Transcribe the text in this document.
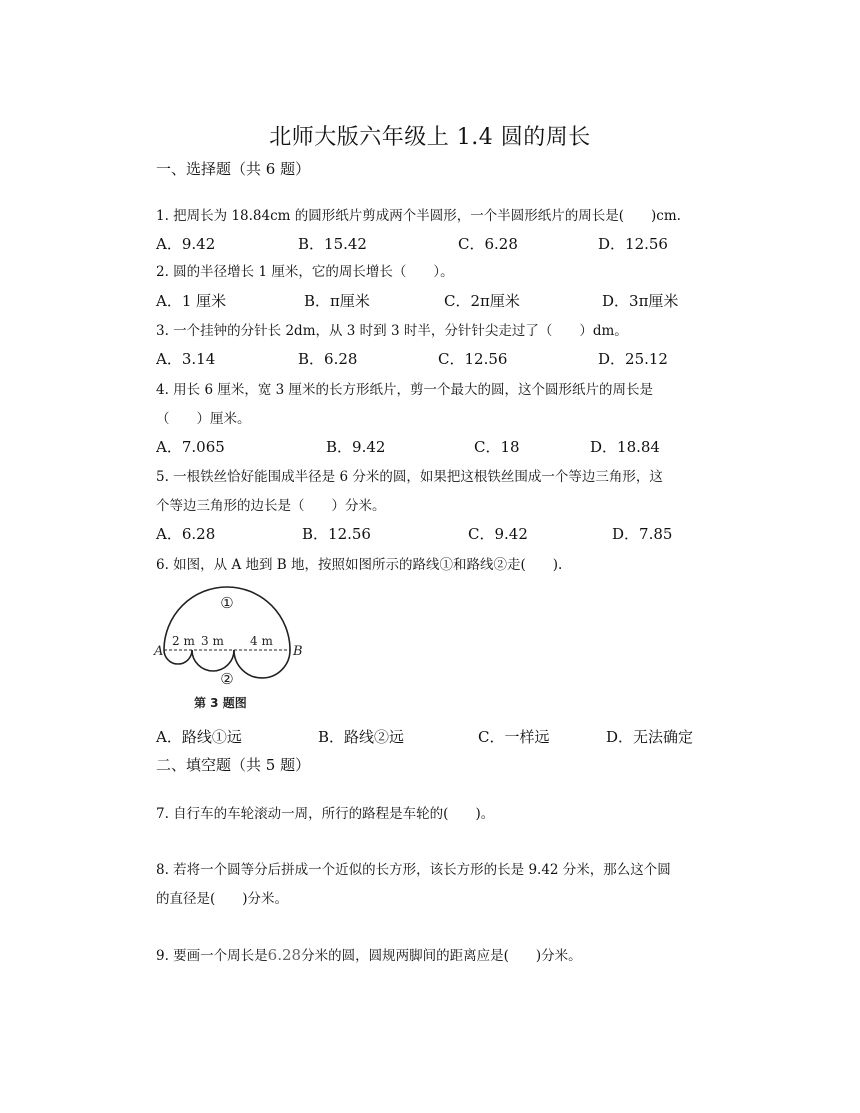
北师大版六年级上 1.4 圆的周长
一、选择题（共 6 题）
1. 把周长为 18.84cm 的圆形纸片剪成两个半圆形，一个半圆形纸片的周长是(　　)cm.
A．9.42	B．15.42	C．6.28	D．12.56
2. 圆的半径增长 1 厘米，它的周长增长（　　）。
A．1 厘米	B．π厘米	C．2π厘米	D．3π厘米
3. 一个挂钟的分针长 2dm，从 3 时到 3 时半，分针针尖走过了（　　）dm。
A．3.14	B．6.28	C．12.56	D．25.12
4. 用长 6 厘米，宽 3 厘米的长方形纸片，剪一个最大的圆，这个圆形纸片的周长是
（　　）厘米。
A．7.065	B．9.42	C．18	D．18.84
5. 一根铁丝恰好能围成半径是 6 分米的圆，如果把这根铁丝围成一个等边三角形，这
个等边三角形的边长是（　　）分米。
A．6.28	B．12.56	C．9.42	D．7.85
6. 如图，从 A 地到 B 地，按照如图所示的路线①和路线②走(　　).
①
A	B
2 m 3 m 4 m
②
第 3 题图
A．路线①远	B．路线②远	C．一样远	D．无法确定
二、填空题（共 5 题）
7. 自行车的车轮滚动一周，所行的路程是车轮的(　　)。
8. 若将一个圆等分后拼成一个近似的长方形，该长方形的长是 9.42 分米，那么这个圆
的直径是(　　)分米。
9. 要画一个周长是6.28分米的圆，圆规两脚间的距离应是(　　)分米。
